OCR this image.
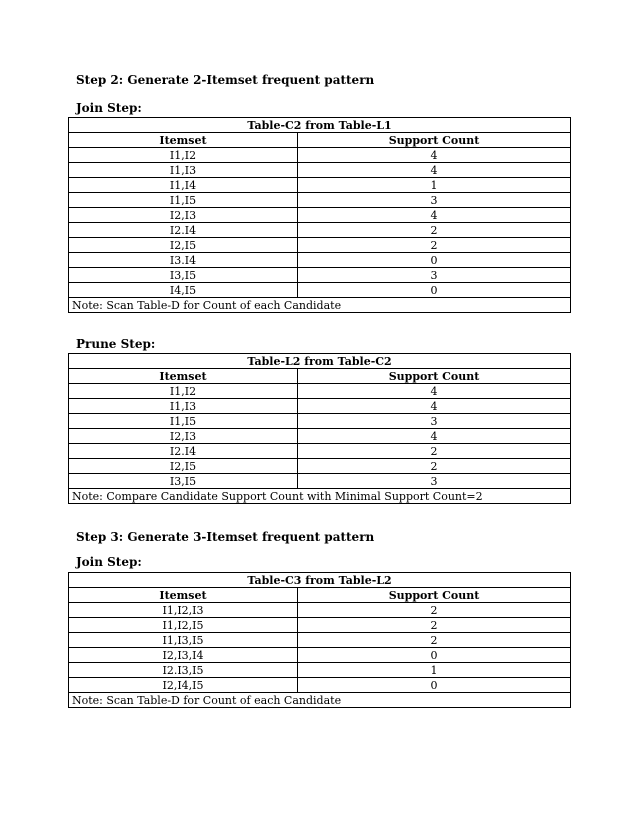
Step 2: Generate 2-Itemset frequent pattern
Join Step:
Table-C2 from Table-L1	
Itemset	Support Count
I1,I2	4
I1,I3	4
I1,I4	1
I1,I5	3
I2,I3	4
I2.I4	2
I2,I5	2
I3.I4	0
I3,I5	3
I4,I5	0
Note: Scan Table-D for Count of each Candidate	
Prune Step:
Table-L2 from Table-C2	
Itemset	Support Count
I1,I2	4
I1,I3	4
I1,I5	3
I2,I3	4
I2.I4	2
I2,I5	2
I3,I5	3
Note: Compare Candidate Support Count with Minimal Support Count=2	
Step 3: Generate 3-Itemset frequent pattern
Join Step:
Table-C3 from Table-L2	
Itemset	Support Count
I1,I2,I3	2
I1,I2,I5	2
I1,I3,I5	2
I2,I3,I4	0
I2.I3,I5	1
I2,I4,I5	0
Note: Scan Table-D for Count of each Candidate	
